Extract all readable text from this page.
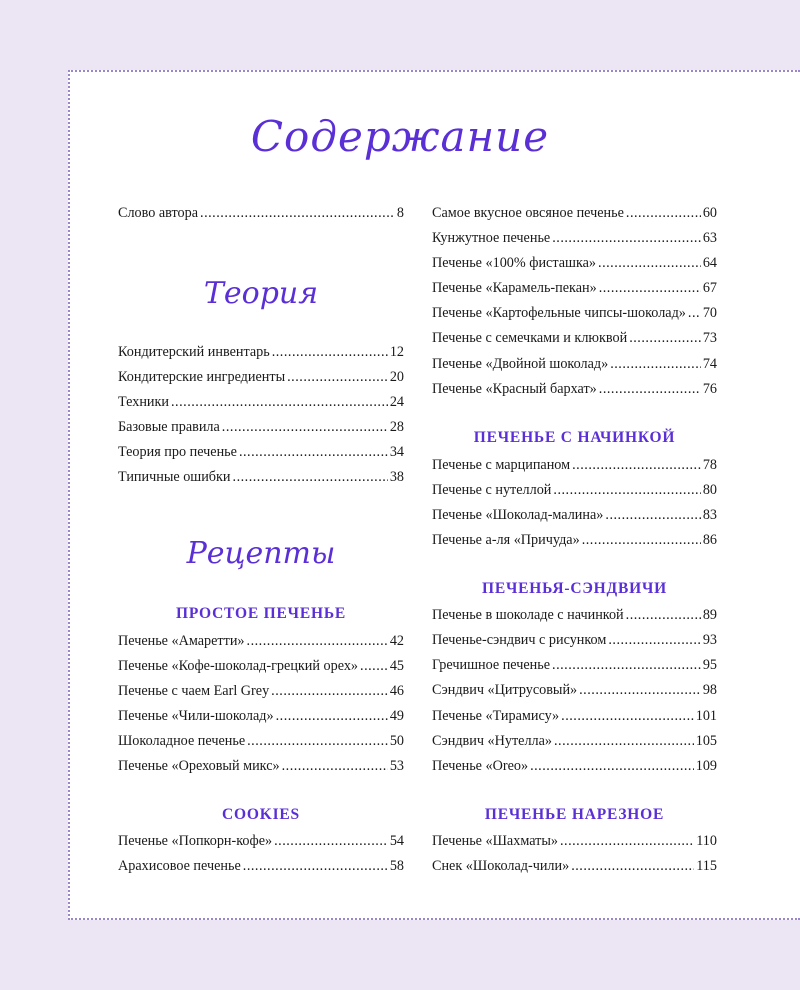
Содержание
Слово автора .....	8
Теория
Кондитерский инвентарь .....	12
Кондитерские ингредиенты .....	20
Техники .....	24
Базовые правила .....	28
Теория про печенье .....	34
Типичные ошибки .....	38
Рецепты
ПРОСТОЕ ПЕЧЕНЬЕ
Печенье «Амаретти» .....	42
Печенье «Кофе-шоколад-грецкий орех» ..... 45
Печенье с чаем Earl Grey .....	46
Печенье «Чили-шоколад» .....	49
Шоколадное печенье .....	50
Печенье «Ореховый микс» .....	53
COOKIES
Печенье «Попкорн-кофе» .....	54
Арахисовое печенье .....	58
Самое вкусное овсяное печенье .....	60
Кунжутное печенье .....	63
Печенье «100% фисташка» .....	64
Печенье «Карамель-пекан» .....	67
Печенье «Картофельные чипсы-шоколад» ..... 70
Печенье с семечками и клюквой .....	73
Печенье «Двойной шоколад» .....	74
Печенье «Красный бархат» .....	76
ПЕЧЕНЬЕ С НАЧИНКОЙ
Печенье с марципаном .....	78
Печенье с нутеллой .....	80
Печенье «Шоколад-малина» .....	83
Печенье а-ля «Причуда» .....	86
ПЕЧЕНЬЯ-СЭНДВИЧИ
Печенье в шоколаде с начинкой .....	89
Печенье-сэндвич с рисунком .....	93
Гречишное печенье .....	95
Сэндвич «Цитрусовый» .....	98
Печенье «Тирамису» .....	101
Сэндвич «Нутелла» .....	105
Печенье «Oreo» .....	109
ПЕЧЕНЬЕ НАРЕЗНОЕ
Печенье «Шахматы» .....	110
Снек «Шоколад-чили» .....	115
